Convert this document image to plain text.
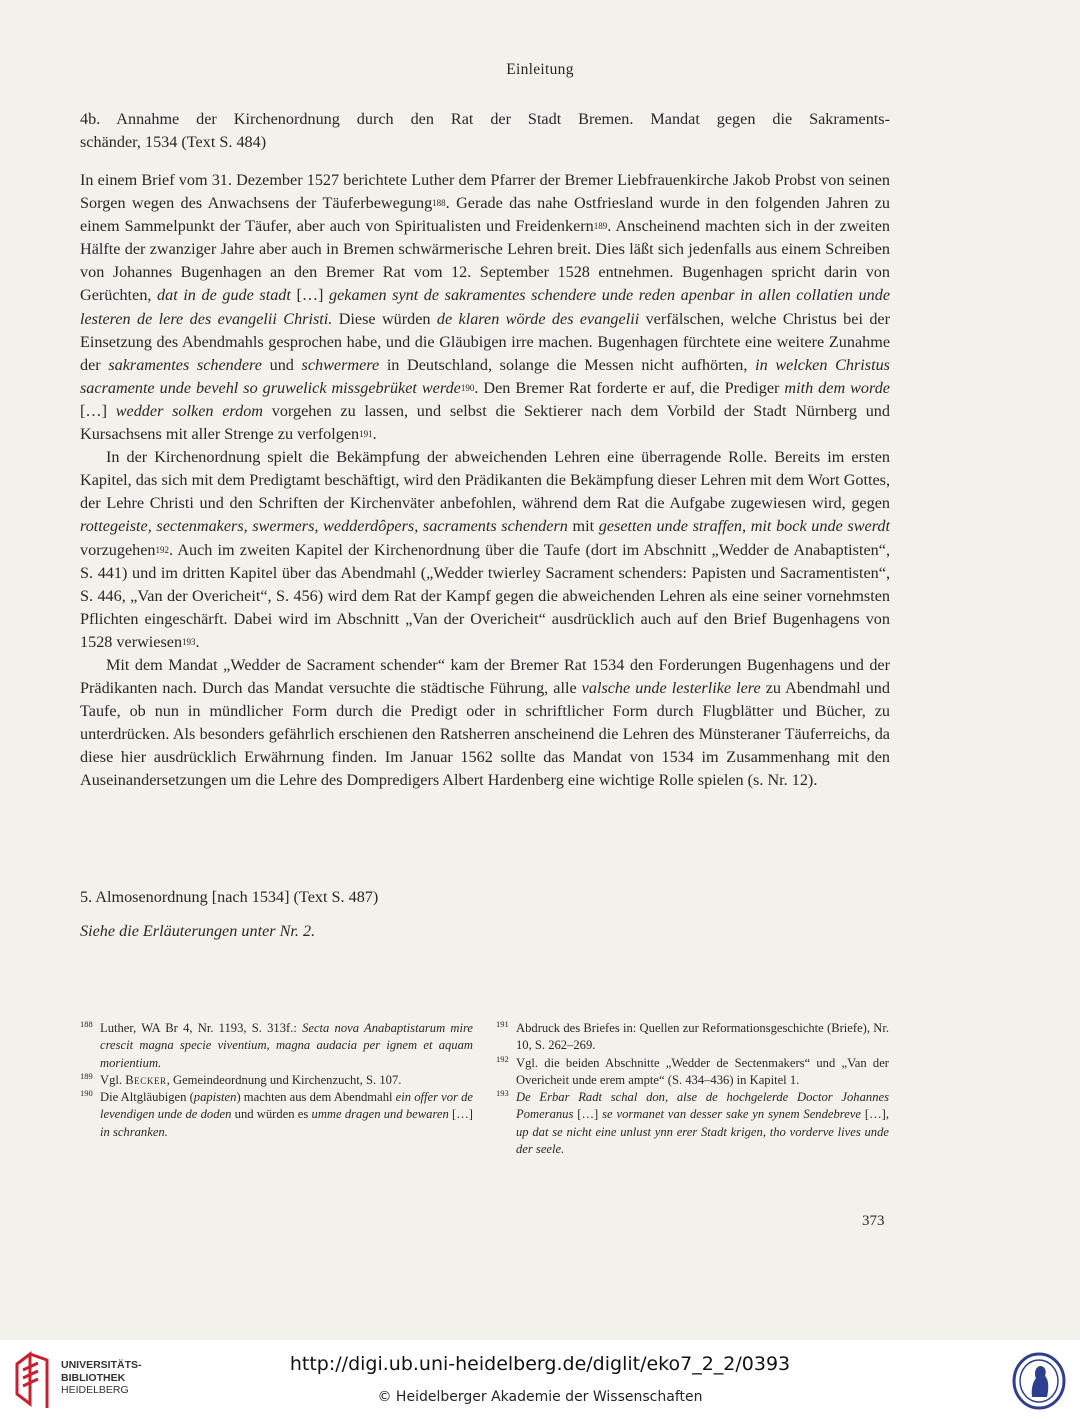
Einleitung

4b. Annahme der Kirchenordnung durch den Rat der Stadt Bremen. Mandat gegen die Sakraments-

schänder, 1534 (Text S. 484)

In einem Brief vom 31. Dezember 1527 berichtete Luther dem Pfarrer der Bremer Liebfrauenkirche Jakob Probst von seinen Sorgen wegen des Anwachsens der Täuferbewegung$^{188}$. Gerade das nahe Ostfriesland wurde in den folgenden Jahren zu einem Sammelpunkt der Täufer, aber auch von Spiritualisten und Freidenkern$^{189}$. Anscheinend machten sich in der zweiten Hälfte der zwanziger Jahre aber auch in Bremen schwärmerische Lehren breit. Dies läßt sich jedenfalls aus einem Schreiben von Johannes Bugenhagen an den Bremer Rat vom 12. September 1528 entnehmen. Bugenhagen spricht darin von Gerüchten, dat in de gude stadt […] gekamen synt de sakramentes schendere unde reden apenbar in allen collatien unde lesteren de lere des evangelii Christi. Diese würden de klaren wörde des evangelii verfälschen, welche Christus bei der Einsetzung des Abendmahls gesprochen habe, und die Gläubigen irre machen. Bugenhagen fürchtete eine weitere Zunahme der sakramentes schendere und schwermere in Deutschland, solange die Messen nicht aufhörten, in welcken Christus sacramente unde bevehl so gruwelick missgebrüket werde$^{190}$. Den Bremer Rat forderte er auf, die Prediger mith dem worde […] wedder solken erdom vorgehen zu lassen, und selbst die Sektierer nach dem Vorbild der Stadt Nürnberg und Kursachsens mit aller Strenge zu verfolgen$^{191}$.

In der Kirchenordnung spielt die Bekämpfung der abweichenden Lehren eine überragende Rolle. Bereits im ersten Kapitel, das sich mit dem Predigtamt beschäftigt, wird den Prädikanten die Bekämpfung dieser Lehren mit dem Wort Gottes, der Lehre Christi und den Schriften der Kirchenväter anbefohlen, während dem Rat die Aufgabe zugewiesen wird, gegen rottegeiste, sectenmakers, swermers, wedderdôpers, sacraments schendern mit gesetten unde straffen, mit bock unde swerdt vorzugehen$^{192}$. Auch im zweiten Kapitel der Kirchenordnung über die Taufe (dort im Abschnitt „Wedder de Anabaptisten“, S. 441) und im dritten Kapitel über das Abendmahl („Wedder twierley Sacrament schenders: Papisten und Sacramentisten“, S. 446, „Van der Overicheit“, S. 456) wird dem Rat der Kampf gegen die abweichenden Lehren als eine seiner vornehmsten Pflichten eingeschärft. Dabei wird im Abschnitt „Van der Overicheit“ ausdrücklich auch auf den Brief Bugenhagens von 1528 verwiesen$^{193}$.

Mit dem Mandat „Wedder de Sacrament schender“ kam der Bremer Rat 1534 den Forderungen Bugenhagens und der Prädikanten nach. Durch das Mandat versuchte die städtische Führung, alle valsche unde lesterlike lere zu Abendmahl und Taufe, ob nun in mündlicher Form durch die Predigt oder in schriftlicher Form durch Flugblätter und Bücher, zu unterdrücken. Als besonders gefährlich erschienen den Ratsherren anscheinend die Lehren des Münsteraner Täuferreichs, da diese hier ausdrücklich Erwährnung finden. Im Januar 1562 sollte das Mandat von 1534 im Zusammenhang mit den Auseinandersetzungen um die Lehre des Dompredigers Albert Hardenberg eine wichtige Rolle spielen (s. Nr. 12).

5. Almosenordnung [nach 1534] (Text S. 487)

Siehe die Erläuterungen unter Nr. 2.

188 Luther, WA Br 4, Nr. 1193, S. 313f.: Secta nova Anabaptistarum mire crescit magna specie viventium, magna audacia per ignem et aquam morientium.

189 Vgl. Becker, Gemeindeordnung und Kirchenzucht, S. 107.

190 Die Altgläubigen (papisten) machten aus dem Abendmahl ein offer vor de levendigen unde de doden und würden es umme dragen und bewaren […] in schranken.

191 Abdruck des Briefes in: Quellen zur Reformationsgeschichte (Briefe), Nr. 10, S. 262–269.

192 Vgl. die beiden Abschnitte „Wedder de Sectenmakers“ und „Van der Overicheit unde erem ampte“ (S. 434–436) in Kapitel 1.

193 De Erbar Radt schal don, alse de hochgelerde Doctor Johannes Pomeranus […] se vormanet van desser sake yn synem Sendebreve […], up dat se nicht eine unlust ynn erer Stadt krigen, tho vorderve lives unde der seele.

373
UNIVERSITÄTS-
BIBLIOTHEK
HEIDELBERG
http://digi.ub.uni-heidelberg.de/diglit/eko7_2_2/0393
© Heidelberger Akademie der Wissenschaften
